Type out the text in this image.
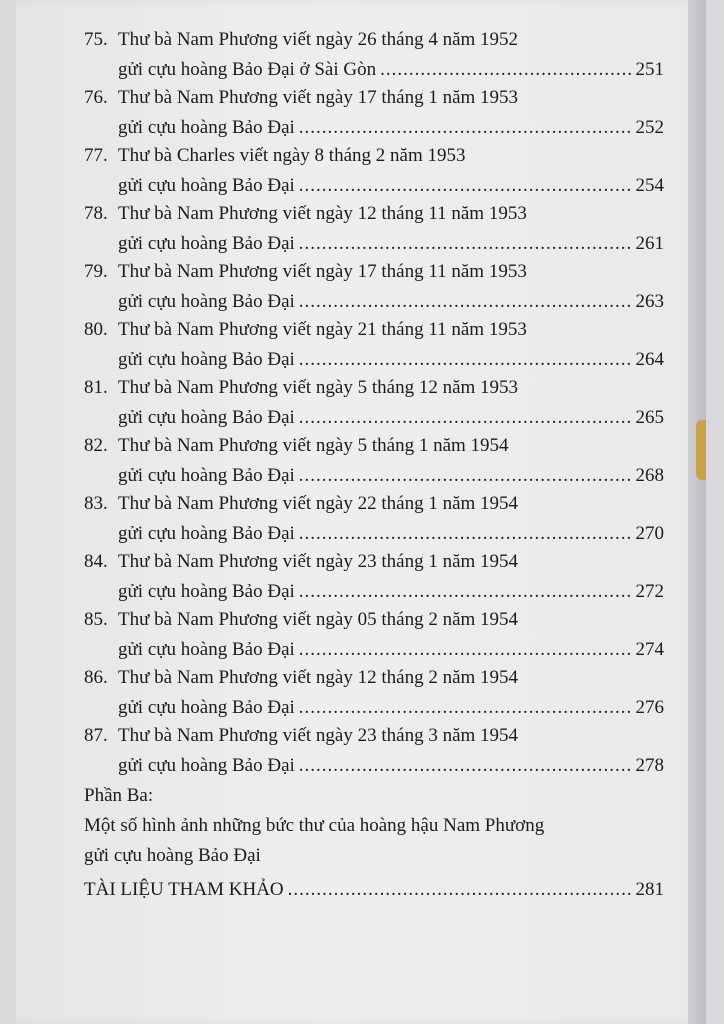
75. Thư bà Nam Phương viết ngày 26 tháng 4 năm 1952
gửi cựu hoàng Bảo Đại ở Sài Gòn .....	251
76. Thư bà Nam Phương viết ngày 17 tháng 1 năm 1953
gửi cựu hoàng Bảo Đại .....	252
77. Thư bà Charles viết ngày 8 tháng 2 năm 1953
gửi cựu hoàng Bảo Đại .....	254
78. Thư bà Nam Phương viết ngày 12 tháng 11 năm 1953
gửi cựu hoàng Bảo Đại .....	261
79. Thư bà Nam Phương viết ngày 17 tháng 11 năm 1953
gửi cựu hoàng Bảo Đại .....	263
80. Thư bà Nam Phương viết ngày 21 tháng 11 năm 1953
gửi cựu hoàng Bảo Đại .....	264
81. Thư bà Nam Phương viết ngày 5 tháng 12 năm 1953
gửi cựu hoàng Bảo Đại .....	265
82. Thư bà Nam Phương viết ngày 5 tháng 1 năm 1954
gửi cựu hoàng Bảo Đại .....	268
83. Thư bà Nam Phương viết ngày 22 tháng 1 năm 1954
gửi cựu hoàng Bảo Đại .....	270
84. Thư bà Nam Phương viết ngày 23 tháng 1 năm 1954
gửi cựu hoàng Bảo Đại .....	272
85. Thư bà Nam Phương viết ngày 05 tháng 2 năm 1954
gửi cựu hoàng Bảo Đại .....	274
86. Thư bà Nam Phương viết ngày 12 tháng 2 năm 1954
gửi cựu hoàng Bảo Đại .....	276
87. Thư bà Nam Phương viết ngày 23 tháng 3 năm 1954
gửi cựu hoàng Bảo Đại .....	278
Phần Ba:
Một số hình ảnh những bức thư của hoàng hậu Nam Phương
gửi cựu hoàng Bảo Đại
TÀI LIỆU THAM KHẢO .....	281
